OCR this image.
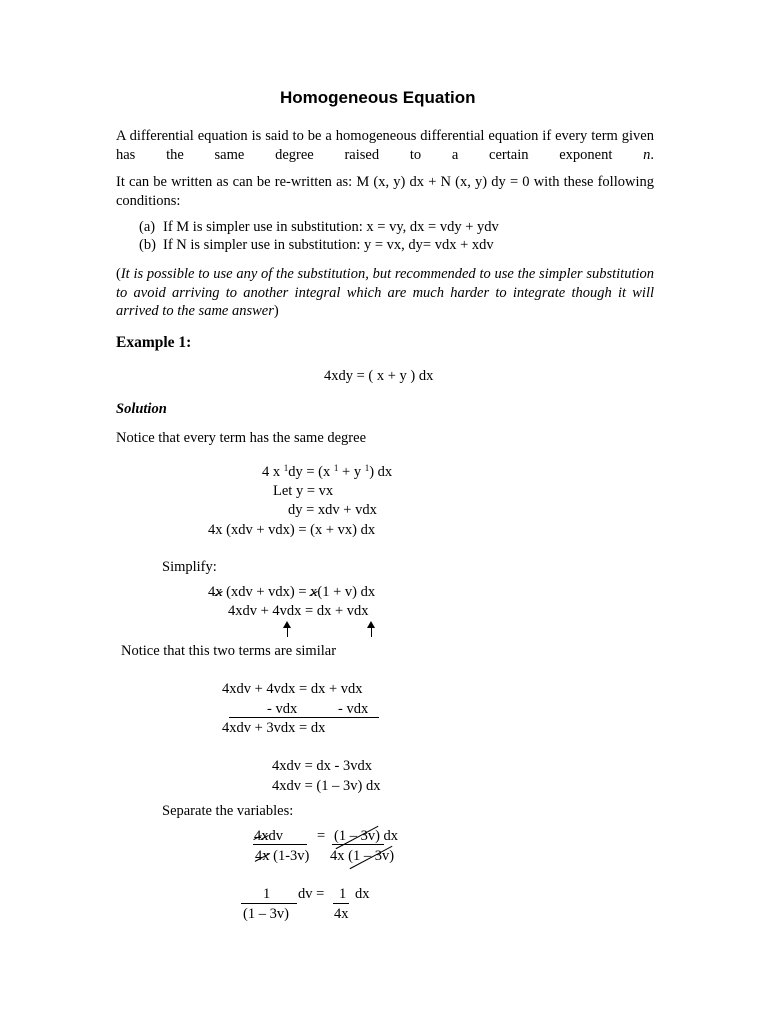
Homogeneous Equation
A differential equation is said to be a homogeneous differential equation if every term given has the same degree raised to a certain exponent n.
It can be written as can be re-written as: M (x, y) dx + N (x, y) dy = 0 with these following conditions:
(a) If M is simpler use in substitution: x = vy, dx = vdy + ydv
(b) If N is simpler use in substitution: y = vx, dy= vdx + xdv
(It is possible to use any of the substitution, but recommended to use the simpler substitution to avoid arriving to another integral which are much harder to integrate though it will arrived to the same answer)
Example 1:
4xdy = ( x + y ) dx
Solution
Notice that every term has the same degree
4 x $^1$dy = (x $^1$ + y $^1$) dx
Let y = vx
dy = xdv + vdx
4x (xdv + vdx) = (x + vx) dx
Simplify:
4x (xdv + vdx) = x(1 + v) dx
4xdv + 4vdx = dx + vdx
Notice that this two terms are similar
4xdv + 4vdx = dx + vdx
- vdx	- vdx
4xdv + 3vdx = dx
4xdv = dx - 3vdx
4xdv = (1 – 3v) dx
Separate the variables:
4xdv = (1 – 3v) dx
4x (1-3v) 4x (1 – 3v)
1 dv = 1 dx
(1 – 3v)	4x
